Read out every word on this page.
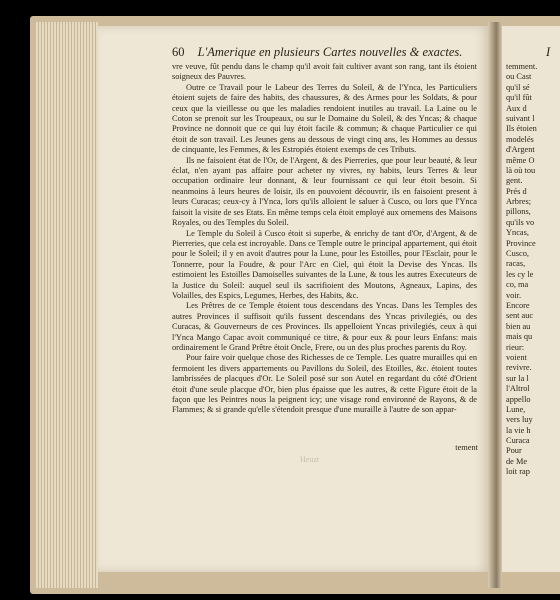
60 L'Amerique en plusieurs Cartes nouvelles & exactes.

vre veuve, fût pendu dans le champ qu'il avoit fait cultiver avant son rang, tant ils étoient soigneux des Pauvres.

Outre ce Travail pour le Labeur des Terres du Soleil, & de l'Ynca, les Particuliers étoient sujets de faire des habits, des chaussures, & des Armes pour les Soldats, & pour ceux que la vieillesse ou que les maladies rendoient inutiles au travail. La Laine ou le Coton se prenoit sur les Troupeaux, ou sur le Domaine du Soleil, & des Yncas; & chaque Province ne donnoit que ce qui luy étoit facile & commun; & chaque Particulier ce qui étoit de son travail. Les Jeunes gens au dessous de vingt cinq ans, les Hommes au dessus de cinquante, les Femmes, & les Estropiés étoient exemps de ces Tributs.

Ils ne faisoient état de l'Or, de l'Argent, & des Pierreries, que pour leur beauté, & leur éclat, n'en ayant pas affaire pour acheter ny vivres, ny habits, leurs Terres & leur occupation ordinaire leur donnant, & leur fournissant ce qui leur étoit besoin. Si neanmoins à leurs heures de loisir, ils en pouvoient découvrir, ils en faisoient present à leurs Curacas; ceux-cy à l'Ynca, lors qu'ils alloient le saluer à Cusco, ou lors que l'Ynca faisoit la visite de ses Etats. En même temps cela étoit employé aux ornemens des Maisons Royales, ou des Temples du Soleil.

Le Temple du Soleil à Cusco étoit si superbe, & enrichy de tant d'Or, d'Argent, & de Pierreries, que cela est incroyable. Dans ce Temple outre le principal appartement, qui étoit pour le Soleil; il y en avoit d'autres pour la Lune, pour les Estoilles, pour l'Esclair, pour le Tonnerre, pour la Foudre, & pour l'Arc en Ciel, qui étoit la Devise des Yncas. Ils estimoient les Estoilles Damoiselles suivantes de la Lune, & tous les autres Executeurs de la Justice du Soleil: auquel seul ils sacrifioient des Moutons, Agneaux, Lapins, des Volailles, des Espics, Legumes, Herbes, des Habits, &c.

Les Prêtres de ce Temple étoient tous descendans des Yncas. Dans les Temples des autres Provinces il suffisoit qu'ils fussent descendans des Yncas privilegiés, ou des Curacas, & Gouverneurs de ces Provinces. Ils appelloient Yncas privilegiés, ceux à qui l'Ynca Mango Capac avoit communiqué ce titre, & pour eux & pour leurs Enfans: mais ordinairement le Grand Prêtre étoit Oncle, Frere, ou un des plus proches parents du Roy.

Pour faire voir quelque chose des Richesses de ce Temple. Les quatre murailles qui en fermoient les divers appartements ou Pavillons du Soleil, des Etoilles, &c. étoient toutes lambrissées de placques d'Or. Le Soleil posé sur son Autel en regardant du côté d'Orient étoit d'une seule placque d'Or, bien plus épaisse que les autres, & cette Figure étoit de la façon que les Peintres nous la peignent icy; une visage rond environné de Rayons, & de Flammes; & si grande qu'elle s'étendoit presque d'une muraille à l'autre de son appar-

tement
Heuzt
I
temment.
ou Cast
qu'il sé
qu'il fût
Aux d
suivant l
Ils étoien
modelés
d'Argent
même O
là où tou
gent.
Prés d
Arbres;
pillons,
qu'ils vo
Yncas,
Province
Cusco,
racas,
les cy le
co, ma
voir.
Encore
sent auc
bien au
mais qu
rieur:
voient
revivre.
sur la l
l'Altrol
appello
Lune,
vers luy
la vie h
Curaca
Pour
de Me
loit rap
